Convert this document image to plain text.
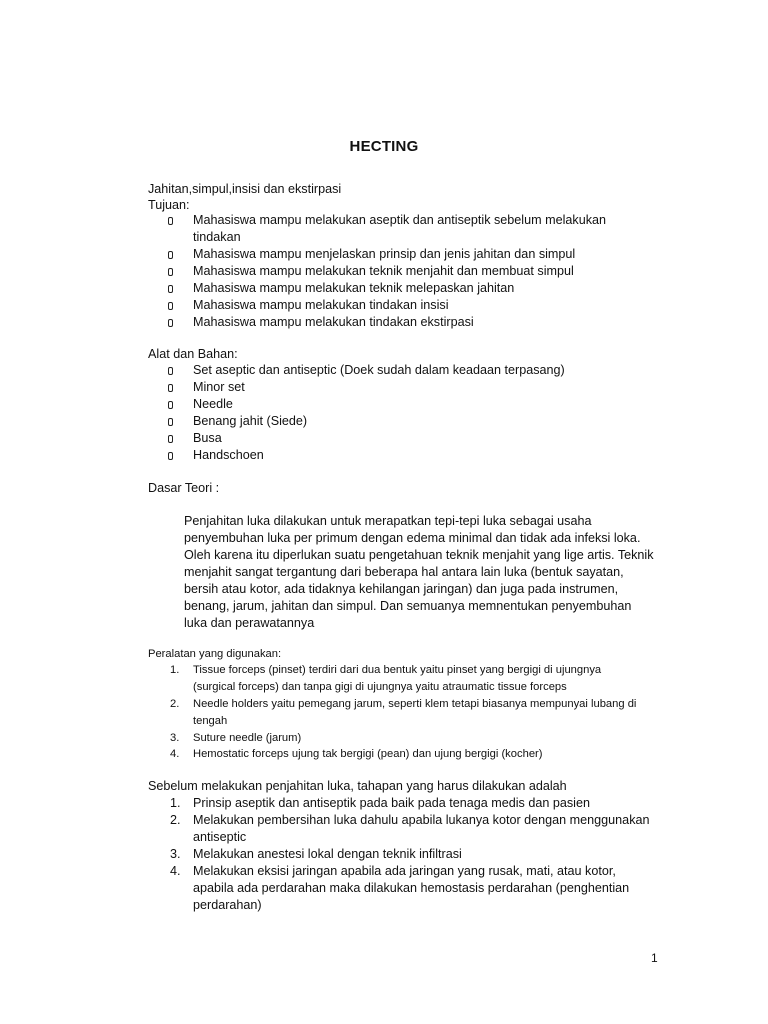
HECTING
Jahitan,simpul,insisi dan ekstirpasi
Tujuan:
Mahasiswa mampu melakukan aseptik dan antiseptik sebelum melakukan
tindakan
Mahasiswa mampu menjelaskan prinsip dan jenis jahitan dan simpul
Mahasiswa mampu melakukan teknik menjahit dan membuat simpul
Mahasiswa mampu melakukan teknik melepaskan jahitan
Mahasiswa mampu melakukan tindakan insisi
Mahasiswa mampu melakukan tindakan ekstirpasi
Alat dan Bahan:
Set aseptic dan antiseptic (Doek sudah dalam keadaan terpasang)
Minor set
Needle
Benang jahit (Siede)
Busa
Handschoen
Dasar Teori :
Penjahitan luka dilakukan untuk merapatkan tepi-tepi luka sebagai usaha
penyembuhan luka per primum dengan edema minimal dan tidak ada infeksi loka.
Oleh karena itu diperlukan suatu pengetahuan teknik menjahit yang lige artis. Teknik
menjahit sangat tergantung dari beberapa hal antara lain luka (bentuk sayatan,
bersih atau kotor, ada tidaknya kehilangan jaringan) dan juga pada instrumen,
benang, jarum, jahitan dan simpul. Dan semuanya memnentukan penyembuhan
luka dan perawatannya
Peralatan yang digunakan:
1. Tissue forceps (pinset) terdiri dari dua bentuk yaitu pinset yang bergigi di ujungnya
(surgical forceps) dan tanpa gigi di ujungnya yaitu atraumatic tissue forceps
2. Needle holders yaitu pemegang jarum, seperti klem tetapi biasanya mempunyai lubang di
tengah
3. Suture needle (jarum)
4. Hemostatic forceps ujung tak bergigi (pean) dan ujung bergigi (kocher)
Sebelum melakukan penjahitan luka, tahapan yang harus dilakukan adalah
1. Prinsip aseptik dan antiseptik pada baik pada tenaga medis dan pasien
2. Melakukan pembersihan luka dahulu apabila lukanya kotor dengan menggunakan
antiseptic
3. Melakukan anestesi lokal dengan teknik infiltrasi
4. Melakukan eksisi jaringan apabila ada jaringan yang rusak, mati, atau kotor,
apabila ada perdarahan maka dilakukan hemostasis perdarahan (penghentian
perdarahan)
1
